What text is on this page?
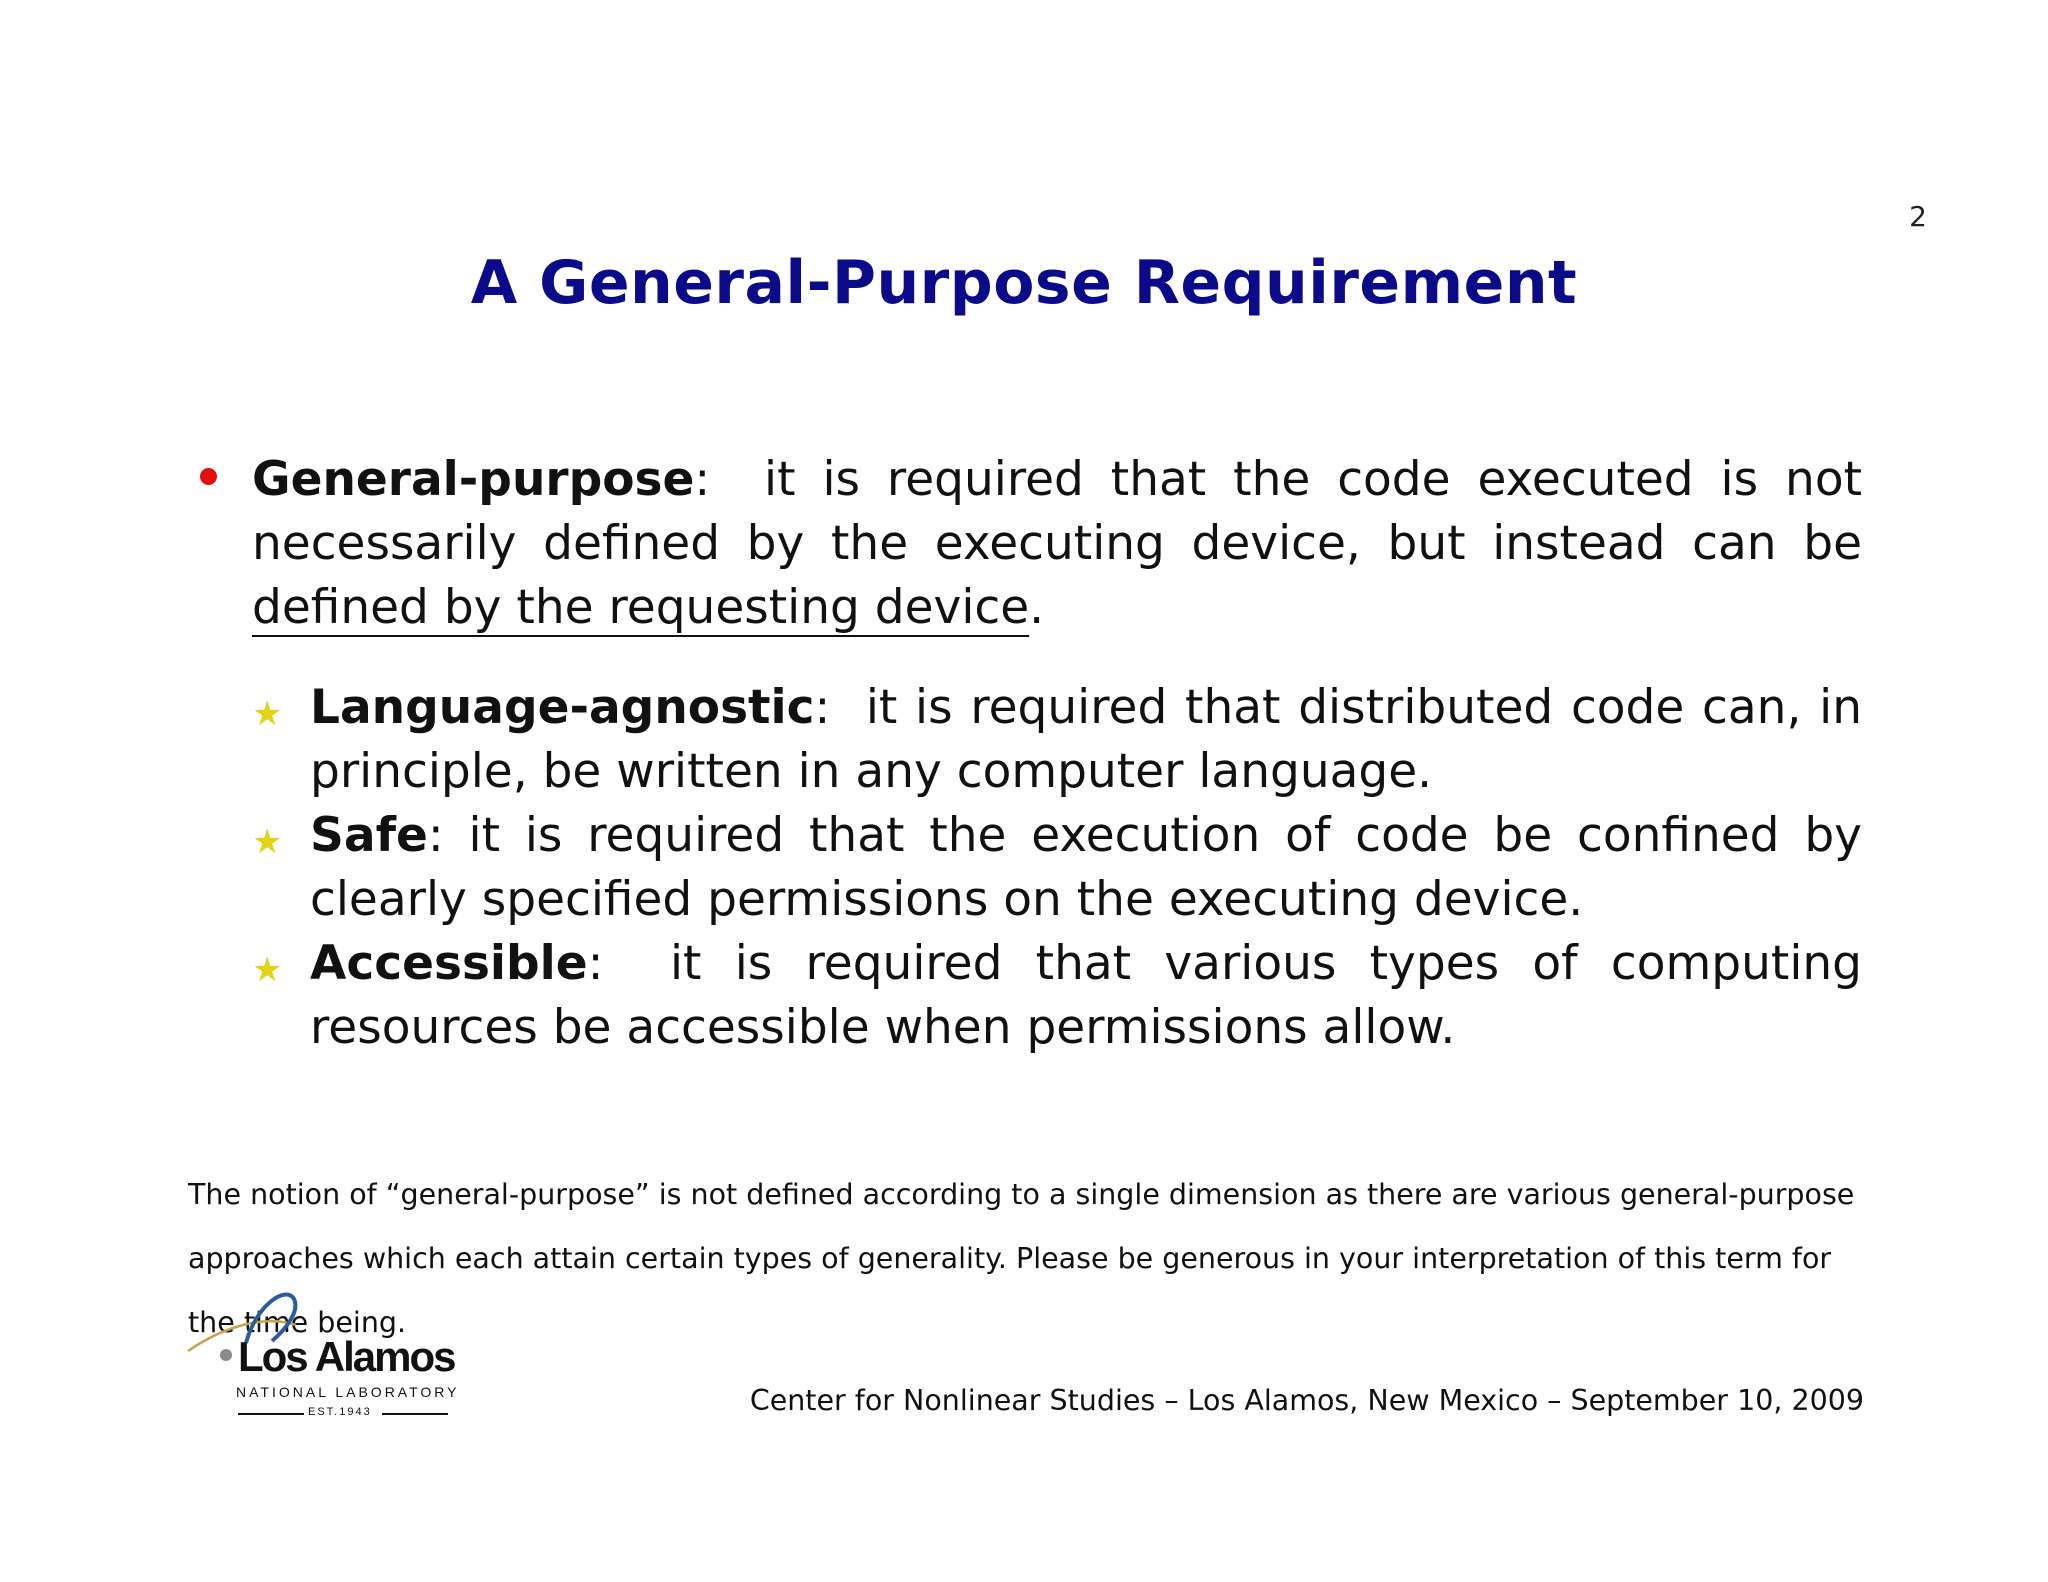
2
A General-Purpose Requirement
General-purpose:  it is required that the code executed is not necessarily defined by the executing device, but instead can be defined by the requesting device.
★ Language-agnostic:  it is required that distributed code can, in principle, be written in any computer language.
★ Safe: it is required that the execution of code be confined by clearly specified permissions on the executing device.
★ Accessible:  it is required that various types of computing resources be accessible when permissions allow.
The notion of “general-purpose” is not defined according to a single dimension as there are various general-purpose approaches which each attain certain types of generality. Please be generous in your interpretation of this term for the time being.
Los Alamos
NATIONAL LABORATORY
EST.1943	Center for Nonlinear Studies – Los Alamos, New Mexico – September 10, 2009
